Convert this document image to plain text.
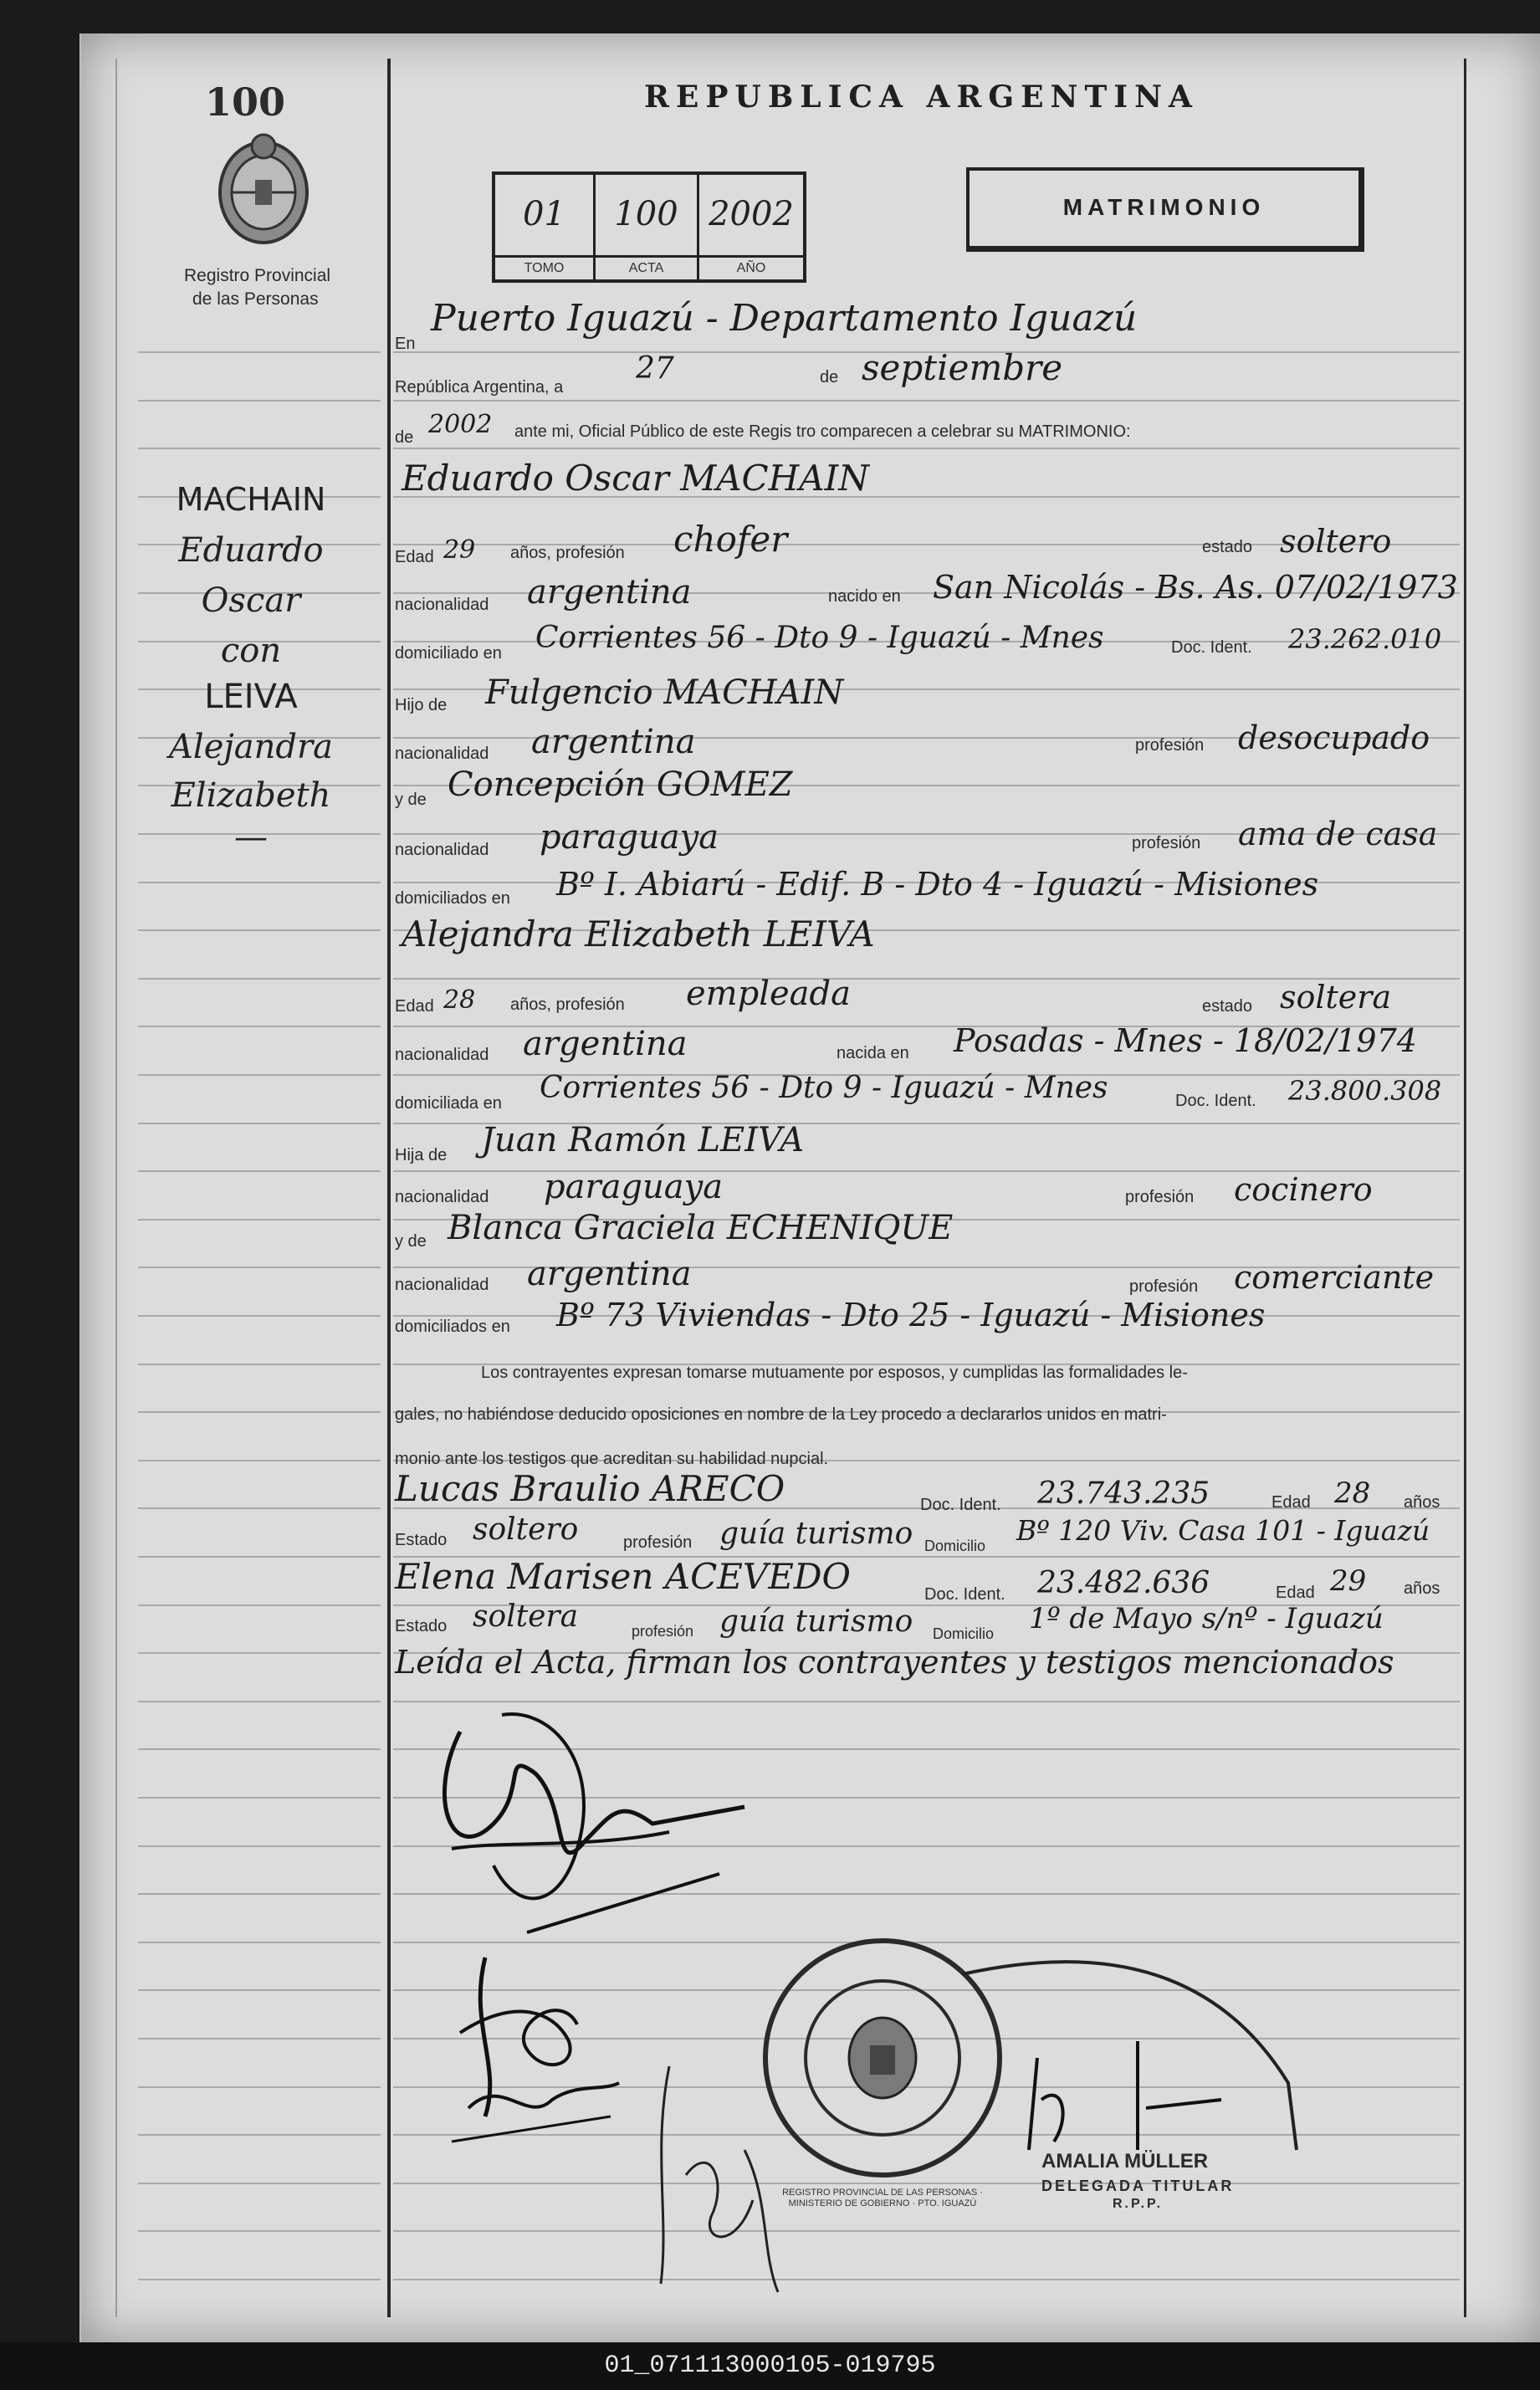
100
Registro Provincial
de las Personas
REPUBLICA ARGENTINA
01
TOMO
100
ACTA
2002
AÑO
MATRIMONIO
MACHAIN
Eduardo
Oscar
con
LEIVA
Alejandra
Elizabeth
—
En
Puerto Iguazú - Departamento Iguazú
República Argentina, a
27	de septiembre
de 2002 ante mi, Oficial Público de este Regis tro comparecen a celebrar su MATRIMONIO:
Eduardo Oscar MACHAIN
Edad 29 años, profesión chofer	estado soltero
nacionalidad argentina	nacido en San Nicolás - Bs. As. 07/02/1973
domiciliado en Corrientes 56 - Dto 9 - Iguazú - Mnes	Doc. Ident. 23.262.010
Hijo de Fulgencio MACHAIN
nacionalidad argentina	profesión desocupado
y de Concepción GOMEZ
nacionalidad paraguaya	profesión ama de casa
domiciliados en Bº I. Abiarú - Edif. B - Dto 4 - Iguazú - Misiones
Alejandra Elizabeth LEIVA
Edad 28 años, profesión empleada	estado soltera
nacionalidad argentina	nacida en Posadas - Mnes - 18/02/1974
domiciliada en Corrientes 56 - Dto 9 - Iguazú - Mnes	Doc. Ident. 23.800.308
Hija de Juan Ramón LEIVA
nacionalidad paraguaya	profesión cocinero
y de Blanca Graciela ECHENIQUE
nacionalidad argentina	profesión comerciante
domiciliados en Bº 73 Viviendas - Dto 25 - Iguazú - Misiones
Los contrayentes expresan tomarse mutuamente por esposos, y cumplidas las formalidades le-
gales, no habiéndose deducido oposiciones en nombre de la Ley procedo a declararlos unidos en matri-
monio ante los testigos que acreditan su habilidad nupcial.
Lucas Braulio ARECO	Doc. Ident. 23.743.235	Edad 28 años
Estado soltero	profesión guía turismo Domicilio Bº 120 Viv. Casa 101 - Iguazú
Elena Marisen ACEVEDO	Doc. Ident. 23.482.636	Edad 29 años
Estado soltera	profesión guía turismo Domicilio 1º de Mayo s/nº - Iguazú
Leída el Acta, firman los contrayentes y testigos mencionados
REGISTRO PROVINCIAL DE LAS PERSONAS · MINISTERIO DE GOBIERNO · PTO. IGUAZÚ
AMALIA MÜLLER
DELEGADA TITULAR
R.P.P.
01_071113000105-019795
